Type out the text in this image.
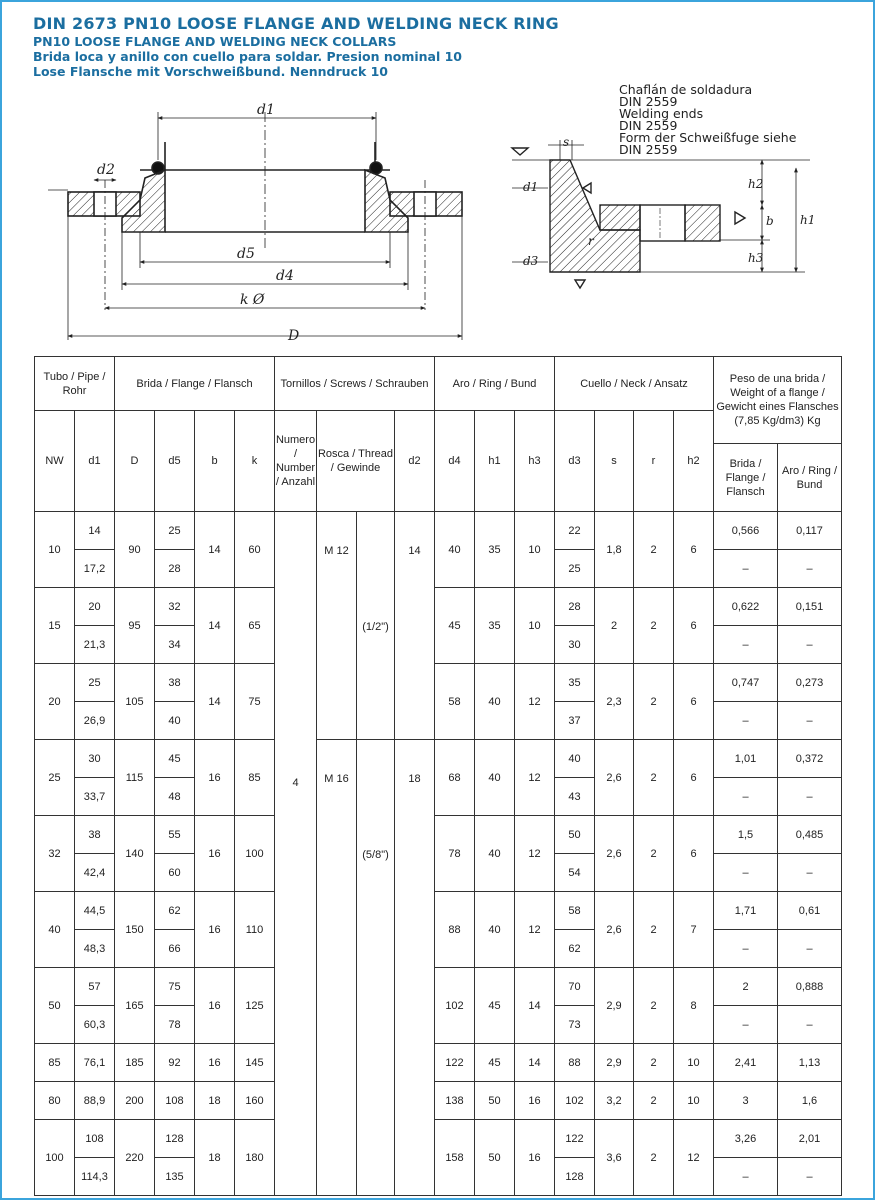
DIN 2673 PN10 LOOSE FLANGE AND WELDING NECK RING
PN10 LOOSE FLANGE AND WELDING NECK COLLARS
Brida loca y anillo con cuello para soldar. Presion nominal 10
Lose Flansche mit Vorschweißbund. Nenndruck 10
d1
d2
d5
d4
k Ø
D
s
d1
d3
h2
b h1
h3
r
Chaflán de soldadura
DIN 2559
Welding ends
DIN 2559
Form der Schweißfuge siehe
DIN 2559
Tubo / Pipe / Rohr		Brida / Flange / Flansch				Tornillos / Screws / Schrauben				Aro / Ring / Bund			Cuello / Neck / Ansatz				Peso de una brida / Weight of a flange / Gewicht eines Flansches (7,85 Kg/dm3) Kg	
NW	d1	D	d5	b	k	Numero / Number / Anzahl	Rosca / Thread / Gewinde		d2	d4	h1	h3	d3	s	r	h2		
																	Brida / Flange / Flansch	Aro / Ring / Bund
10	14	90	25	14	60	4	M 12	(1/2")	14	40	35	10	22	1,8	2	6	0,566	0,117
	17,2		28										25				–	–
15	20	95	32	14	65					45	35	10	28	2	2	6	0,622	0,151
	21,3		34										30				–	–
20	25	105	38	14	75					58	40	12	35	2,3	2	6	0,747	0,273
	26,9		40										37				–	–
25	30	115	45	16	85		M 16	(5/8")	18	68	40	12	40	2,6	2	6	1,01	0,372
	33,7		48										43				–	–
32	38	140	55	16	100					78	40	12	50	2,6	2	6	1,5	0,485
	42,4		60										54				–	–
40	44,5	150	62	16	110					88	40	12	58	2,6	2	7	1,71	0,61
	48,3		66										62				–	–
50	57	165	75	16	125					102	45	14	70	2,9	2	8	2	0,888
	60,3		78										73				–	–
85	76,1	185	92	16	145					122	45	14	88	2,9	2	10	2,41	1,13
80	88,9	200	108	18	160					138	50	16	102	3,2	2	10	3	1,6
100	108	220	128	18	180					158	50	16	122	3,6	2	12	3,26	2,01
	114,3		135										128				–	–
